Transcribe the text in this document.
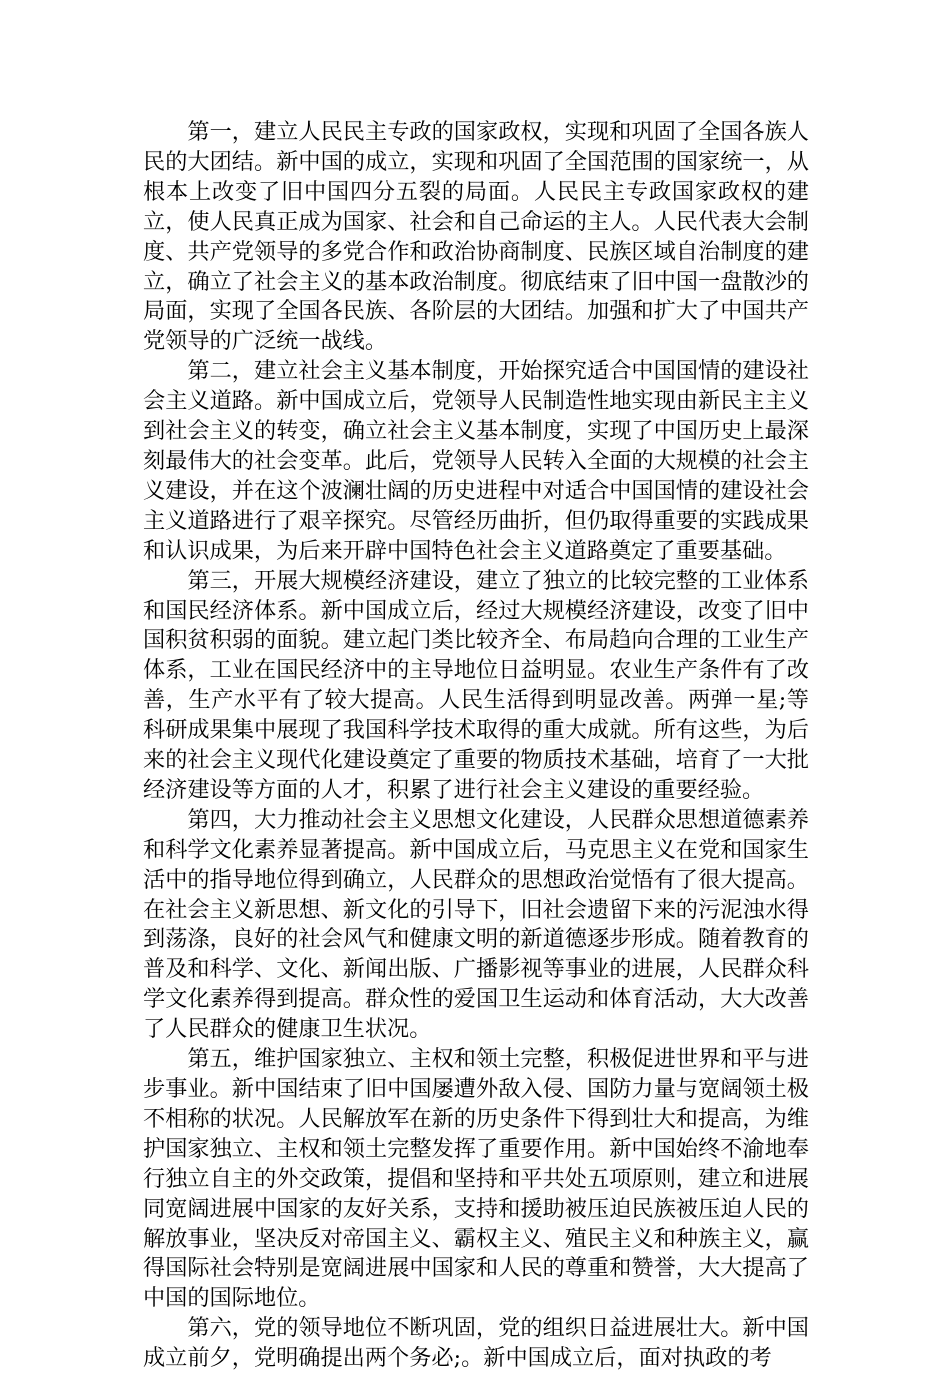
第一，建立人民民主专政的国家政权，实现和巩固了全国各族人民的大团结。新中国的成立，实现和巩固了全国范围的国家统一，从根本上改变了旧中国四分五裂的局面。人民民主专政国家政权的建立，使人民真正成为国家、社会和自己命运的主人。人民代表大会制度、共产党领导的多党合作和政治协商制度、民族区域自治制度的建立，确立了社会主义的基本政治制度。彻底结束了旧中国一盘散沙的局面，实现了全国各民族、各阶层的大团结。加强和扩大了中国共产党领导的广泛统一战线。

第二，建立社会主义基本制度，开始探究适合中国国情的建设社会主义道路。新中国成立后，党领导人民制造性地实现由新民主主义到社会主义的转变，确立社会主义基本制度，实现了中国历史上最深刻最伟大的社会变革。此后，党领导人民转入全面的大规模的社会主义建设，并在这个波澜壮阔的历史进程中对适合中国国情的建设社会主义道路进行了艰辛探究。尽管经历曲折，但仍取得重要的实践成果和认识成果，为后来开辟中国特色社会主义道路奠定了重要基础。

第三，开展大规模经济建设，建立了独立的比较完整的工业体系和国民经济体系。新中国成立后，经过大规模经济建设，改变了旧中国积贫积弱的面貌。建立起门类比较齐全、布局趋向合理的工业生产体系，工业在国民经济中的主导地位日益明显。农业生产条件有了改善，生产水平有了较大提高。人民生活得到明显改善。两弹一星;等科研成果集中展现了我国科学技术取得的重大成就。所有这些，为后来的社会主义现代化建设奠定了重要的物质技术基础，培育了一大批经济建设等方面的人才，积累了进行社会主义建设的重要经验。

第四，大力推动社会主义思想文化建设，人民群众思想道德素养和科学文化素养显著提高。新中国成立后，马克思主义在党和国家生活中的指导地位得到确立，人民群众的思想政治觉悟有了很大提高。在社会主义新思想、新文化的引导下，旧社会遗留下来的污泥浊水得到荡涤，良好的社会风气和健康文明的新道德逐步形成。随着教育的普及和科学、文化、新闻出版、广播影视等事业的进展，人民群众科学文化素养得到提高。群众性的爱国卫生运动和体育活动，大大改善了人民群众的健康卫生状况。

第五，维护国家独立、主权和领土完整，积极促进世界和平与进步事业。新中国结束了旧中国屡遭外敌入侵、国防力量与宽阔领土极不相称的状况。人民解放军在新的历史条件下得到壮大和提高，为维护国家独立、主权和领土完整发挥了重要作用。新中国始终不渝地奉行独立自主的外交政策，提倡和坚持和平共处五项原则，建立和进展同宽阔进展中国家的友好关系，支持和援助被压迫民族被压迫人民的解放事业，坚决反对帝国主义、霸权主义、殖民主义和种族主义，赢得国际社会特别是宽阔进展中国家和人民的尊重和赞誉，大大提高了中国的国际地位。

第六，党的领导地位不断巩固，党的组织日益进展壮大。新中国成立前夕，党明确提出两个务必;。新中国成立后，面对执政的考
